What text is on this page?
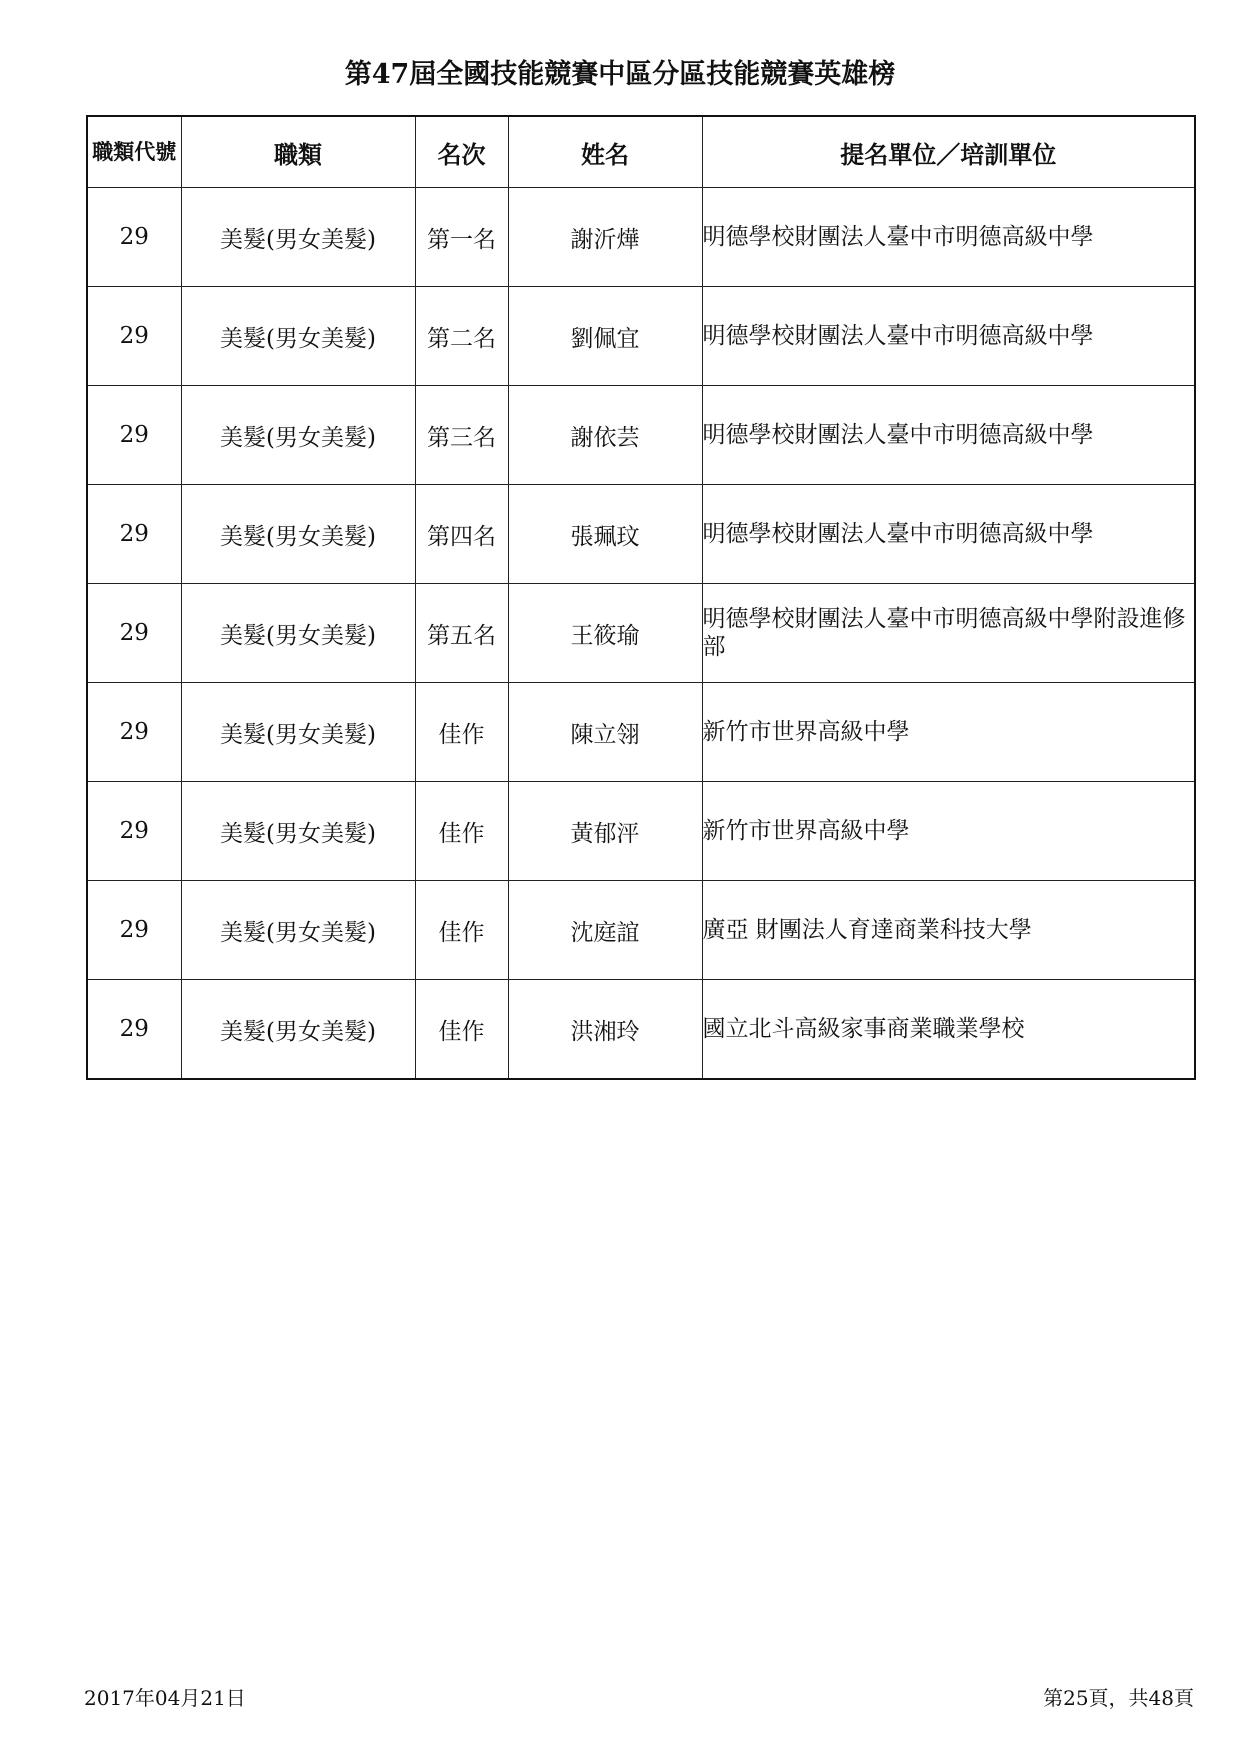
第47屆全國技能競賽中區分區技能競賽英雄榜
職類代號	職類	名次	姓名	提名單位／培訓單位
29	美髮(男女美髮)	第一名	謝沂燁	明德學校財團法人臺中市明德高級中學
29	美髮(男女美髮)	第二名	劉佩宜	明德學校財團法人臺中市明德高級中學
29	美髮(男女美髮)	第三名	謝依芸	明德學校財團法人臺中市明德高級中學
29	美髮(男女美髮)	第四名	張珮玟	明德學校財團法人臺中市明德高級中學
29	美髮(男女美髮)	第五名	王筱瑜	明德學校財團法人臺中市明德高級中學附設進修部
29	美髮(男女美髮)	佳作	陳立翎	新竹市世界高級中學
29	美髮(男女美髮)	佳作	黃郁泙	新竹市世界高級中學
29	美髮(男女美髮)	佳作	沈庭誼	廣亞 財團法人育達商業科技大學
29	美髮(男女美髮)	佳作	洪湘玲	國立北斗高級家事商業職業學校
2017年04月21日	第25頁，共48頁
